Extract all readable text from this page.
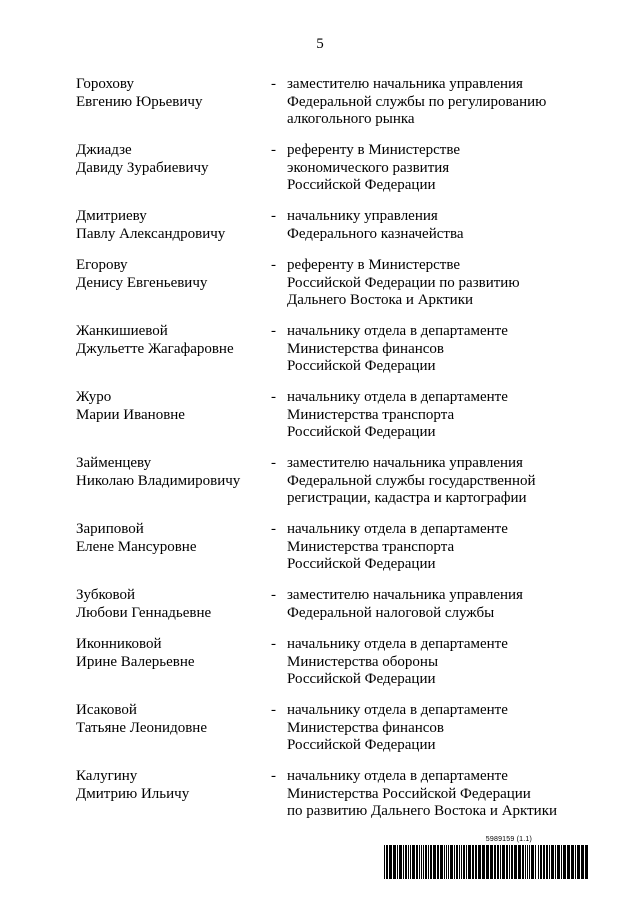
5
Горохову
Евгению Юрьевичу
- заместителю начальника управления
Федеральной службы по регулированию
алкогольного рынка
Джиадзе
Давиду Зурабиевичу
- референту в Министерстве
экономического развития
Российской Федерации
Дмитриеву
Павлу Александровичу
- начальнику управления
Федерального казначейства
Егорову
Денису Евгеньевичу
- референту в Министерстве
Российской Федерации по развитию
Дальнего Востока и Арктики
Жанкишиевой
Джульетте Жагафаровне
- начальнику отдела в департаменте
Министерства финансов
Российской Федерации
Журо
Марии Ивановне
- начальнику отдела в департаменте
Министерства транспорта
Российской Федерации
Займенцеву
Николаю Владимировичу
- заместителю начальника управления
Федеральной службы государственной
регистрации, кадастра и картографии
Зариповой
Елене Мансуровне
- начальнику отдела в департаменте
Министерства транспорта
Российской Федерации
Зубковой
Любови Геннадьевне
- заместителю начальника управления
Федеральной налоговой службы
Иконниковой
Ирине Валерьевне
- начальнику отдела в департаменте
Министерства обороны
Российской Федерации
Исаковой
Татьяне Леонидовне
- начальнику отдела в департаменте
Министерства финансов
Российской Федерации
Калугину
Дмитрию Ильичу
- начальнику отдела в департаменте
Министерства Российской Федерации
по развитию Дальнего Востока и Арктики
5989159 (1.1)
